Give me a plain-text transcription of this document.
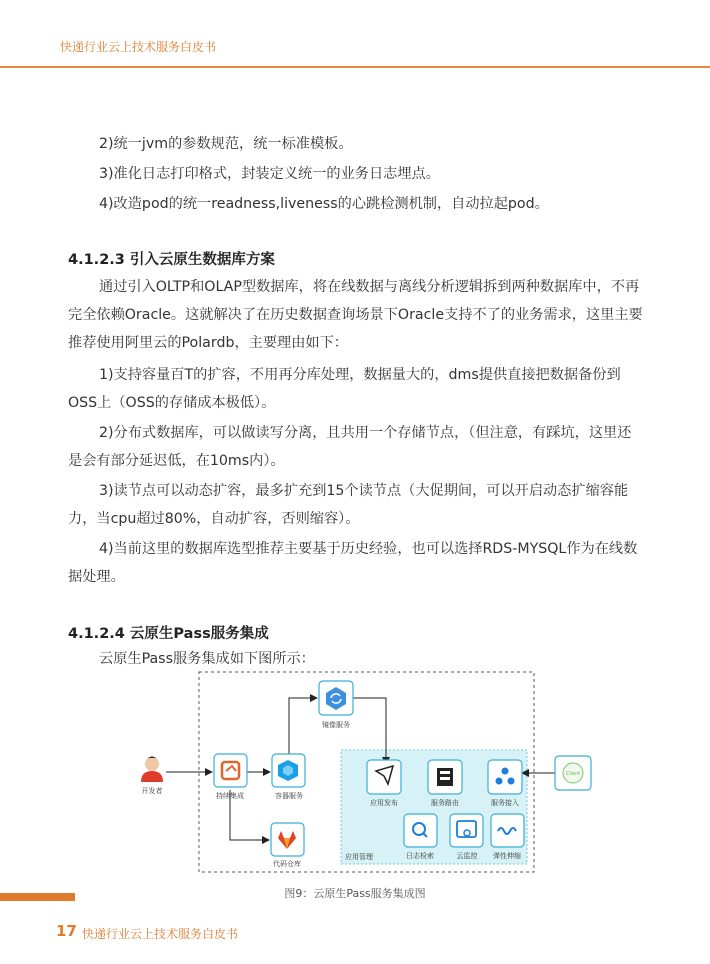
快递行业云上技术服务白皮书

2)统一jvm的参数规范，统一标准模板。

3)准化日志打印格式，封装定义统一的业务日志埋点。

4)改造pod的统一readness,liveness的心跳检测机制，自动拉起pod。

4.1.2.3 引入云原生数据库方案

通过引入OLTP和OLAP型数据库，将在线数据与离线分析逻辑拆到两种数据库中，不再完全依赖Oracle。这就解决了在历史数据查询场景下Oracle支持不了的业务需求，这里主要推荐使用阿里云的Polardb，主要理由如下：

1)支持容量百T的扩容，不用再分库处理，数据量大的，dms提供直接把数据备份到OSS上（OSS的存储成本极低）。

2)分布式数据库，可以做读写分离，且共用一个存储节点，（但注意，有踩坑，这里还是会有部分延迟低，在10ms内）。

3)读节点可以动态扩容，最多扩充到15个读节点（大促期间，可以开启动态扩缩容能力，当cpu超过80%，自动扩容，否则缩容）。

4)当前这里的数据库选型推荐主要基于历史经验，也可以选择RDS-MYSQL作为在线数据处理。

4.1.2.4 云原生Pass服务集成

云原生Pass服务集成如下图所示：

应用管理
开发者
持续集成	容器服务
镜像服务
代码仓库
应用发布	服务路由	服务接入
日志检索	云监控 弹性伸缩
Client
图9：云原生Pass服务集成图
17 快递行业云上技术服务白皮书
